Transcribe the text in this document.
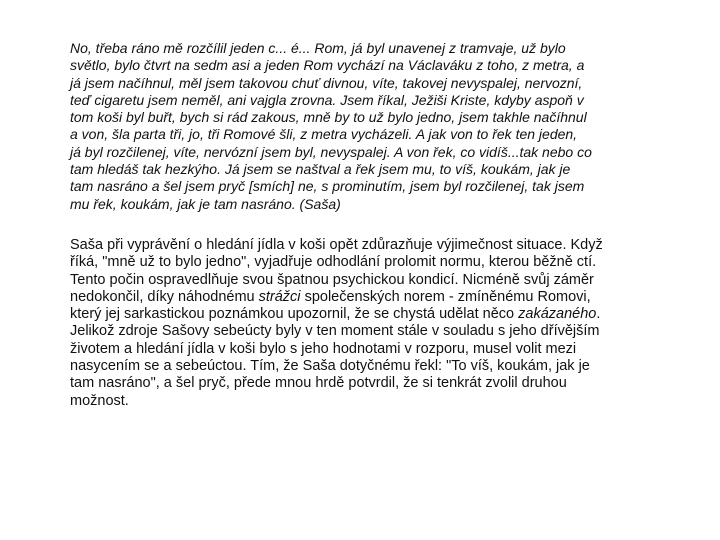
No, třeba ráno mě rozčílil jeden c... é... Rom, já byl unavenej z tramvaje, už bylo
světlo, bylo čtvrt na sedm asi a jeden Rom vychází na Václaváku z toho, z metra, a
já jsem načíhnul, měl jsem takovou chuť divnou, víte, takovej nevyspalej, nervozní,
teď cigaretu jsem neměl, ani vajgla zrovna. Jsem říkal, Ježiši Kriste, kdyby aspoň v
tom koši byl buřt, bych si rád zakous, mně by to už bylo jedno, jsem takhle načíhnul
a von, šla parta tři, jo, tři Romové šli, z metra vycházeli. A jak von to řek ten jeden,
já byl rozčilenej, víte, nervózní jsem byl, nevyspalej. A von řek, co vidíš...tak nebo co
tam hledáš tak hezkýho. Já jsem se naštval a řek jsem mu, to víš, koukám, jak je
tam nasráno a šel jsem pryč [smích] ne, s prominutím, jsem byl rozčilenej, tak jsem
mu řek, koukám, jak je tam nasráno. (Saša)

Saša při vyprávění o hledání jídla v koši opět zdůrazňuje výjimečnost situace. Když
říká, "mně už to bylo jedno", vyjadřuje odhodlání prolomit normu, kterou běžně ctí.
Tento počin ospravedlňuje svou špatnou psychickou kondicí. Nicméně svůj záměr
nedokončil, díky náhodnému strážci společenských norem - zmíněnému Romovi,
který jej sarkastickou poznámkou upozornil, že se chystá udělat něco zakázaného.
Jelikož zdroje Sašovy sebeúcty byly v ten moment stále v souladu s jeho dřívějším
životem a hledání jídla v koši bylo s jeho hodnotami v rozporu, musel volit mezi
nasycením se a sebeúctou. Tím, že Saša dotyčnému řekl: "To víš, koukám, jak je
tam nasráno", a šel pryč, přede mnou hrdě potvrdil, že si tenkrát zvolil druhou
možnost.
